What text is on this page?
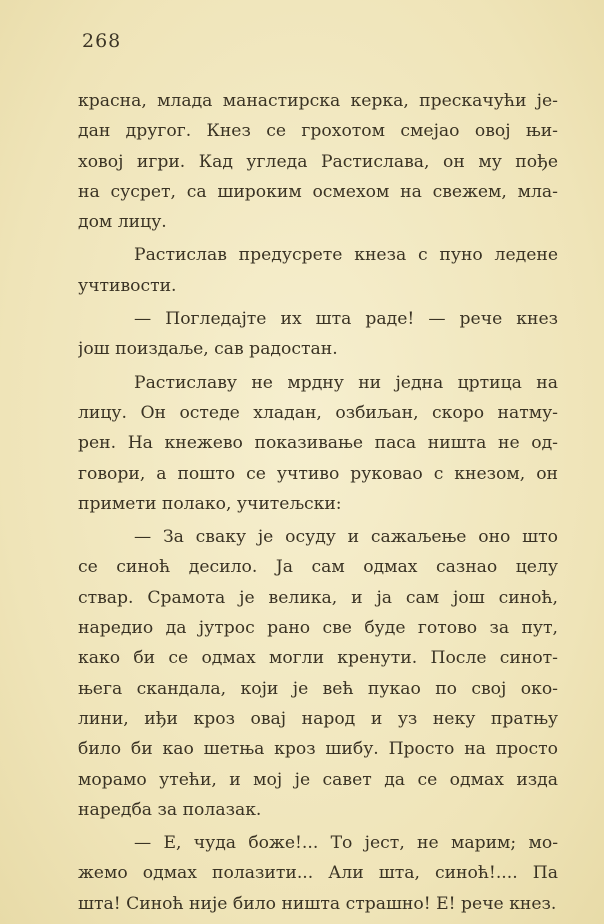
268
красна, млада манастирска керка, прескачући је-
дан другог. Кнез се грохотом смејао овој њи-
ховој игри. Кад угледа Растислава, он му пође
на сусрет, са широким осмехом на свежем, мла-
дом лицу.
Растислав предусрете кнеза с пуно ледене
учтивости.
— Погледајте их шта раде! — рече кнез
још поиздаље, сав радостан.
Растиславу не мрдну ни једна цртица на
лицу. Он остеде хладан, озбиљан, скоро натму-
рен. На кнежево показивање паса ништа не од-
говори, а пошто се учтиво руковао с кнезом, он
примети полако, учитељски:
— За сваку је осуду и сажаљење оно што
се синоћ десило. Ја сам одмах сазнао целу
ствар. Срамота је велика, и ја сам још синоћ,
наредио да јутрос рано све буде готово за пут,
како би се одмах могли кренути. После синот-
њега скандала, који је већ пукао по свој око-
лини, иђи кроз овај народ и уз неку пратњу
било би као шетња кроз шибу. Просто на просто
морамо утећи, и мој је савет да се одмах изда
наредба за полазак.
— Е, чуда боже!... То јест, не марим; мо-
жемо одмах полазити... Али шта, синоћ!.... Па
шта! Синоћ није било ништа страшно! Е! рече кнез.
